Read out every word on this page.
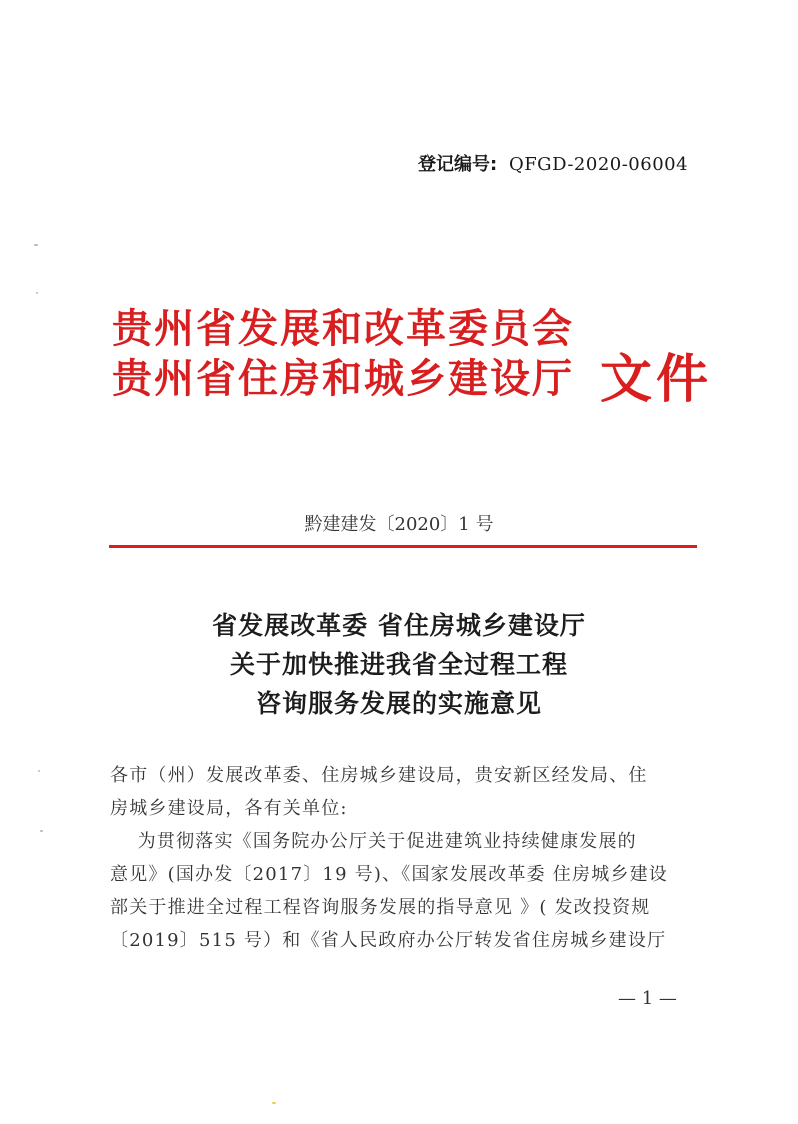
登记编号: QFGD-2020-06004
贵州省发展和改革委员会
贵州省住房和城乡建设厅 文件
黔建建发〔2020〕1 号
省发展改革委 省住房城乡建设厅
关于加快推进我省全过程工程
咨询服务发展的实施意见
各市（州）发展改革委、住房城乡建设局，贵安新区经发局、住
房城乡建设局，各有关单位:
为贯彻落实《国务院办公厅关于促进建筑业持续健康发展的
意见》(国办发〔2017〕19 号)、《国家发展改革委 住房城乡建设
部关于推进全过程工程咨询服务发展的指导意见 》( 发改投资规
〔2019〕515 号）和《省人民政府办公厅转发省住房城乡建设厅
— 1 —
